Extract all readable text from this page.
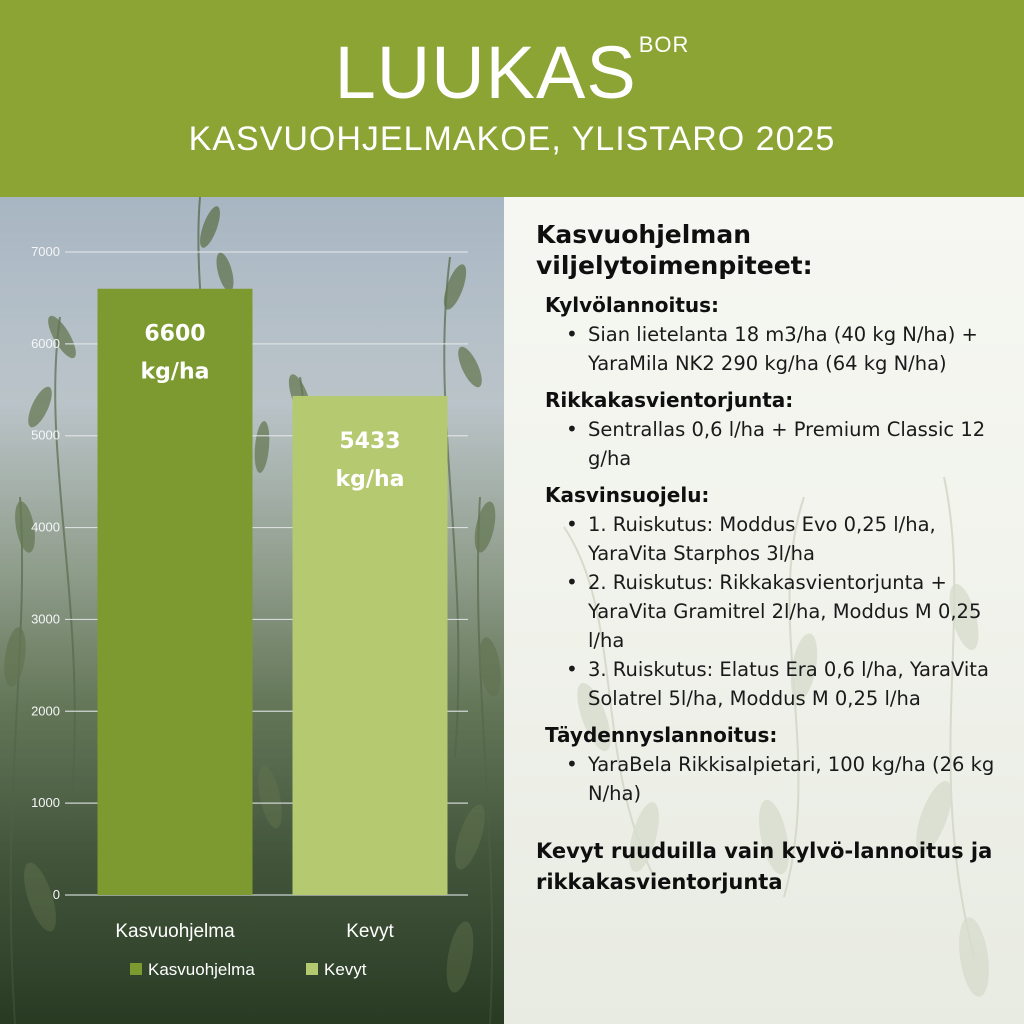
LUUKASBOR
KASVUOHJELMAKOE, YLISTARO 2025
0
1000
2000
3000
4000
5000
6000
7000
6600 kg/ha
Kasvuohjelma
5433 kg/ha
Kevyt
Kasvuohjelma	Kevyt
Kasvuohjelman viljelytoimenpiteet:
Kylvölannoitus:
• Sian lietelanta 18 m3/ha (40 kg N/ha) + YaraMila NK2 290 kg/ha (64 kg N/ha)
Rikkakasvientorjunta:
• Sentrallas 0,6 l/ha + Premium Classic 12 g/ha
Kasvinsuojelu:
• 1. Ruiskutus: Moddus Evo 0,25 l/ha, YaraVita Starphos 3l/ha
• 2. Ruiskutus: Rikkakasvientorjunta + YaraVita Gramitrel 2l/ha, Moddus M 0,25 l/ha
• 3. Ruiskutus: Elatus Era 0,6 l/ha, YaraVita Solatrel 5l/ha, Moddus M 0,25 l/ha
Täydennyslannoitus:
• YaraBela Rikkisalpietari, 100 kg/ha (26 kg N/ha)
Kevyt ruuduilla vain kylvö-lannoitus ja rikkakasvientorjunta
